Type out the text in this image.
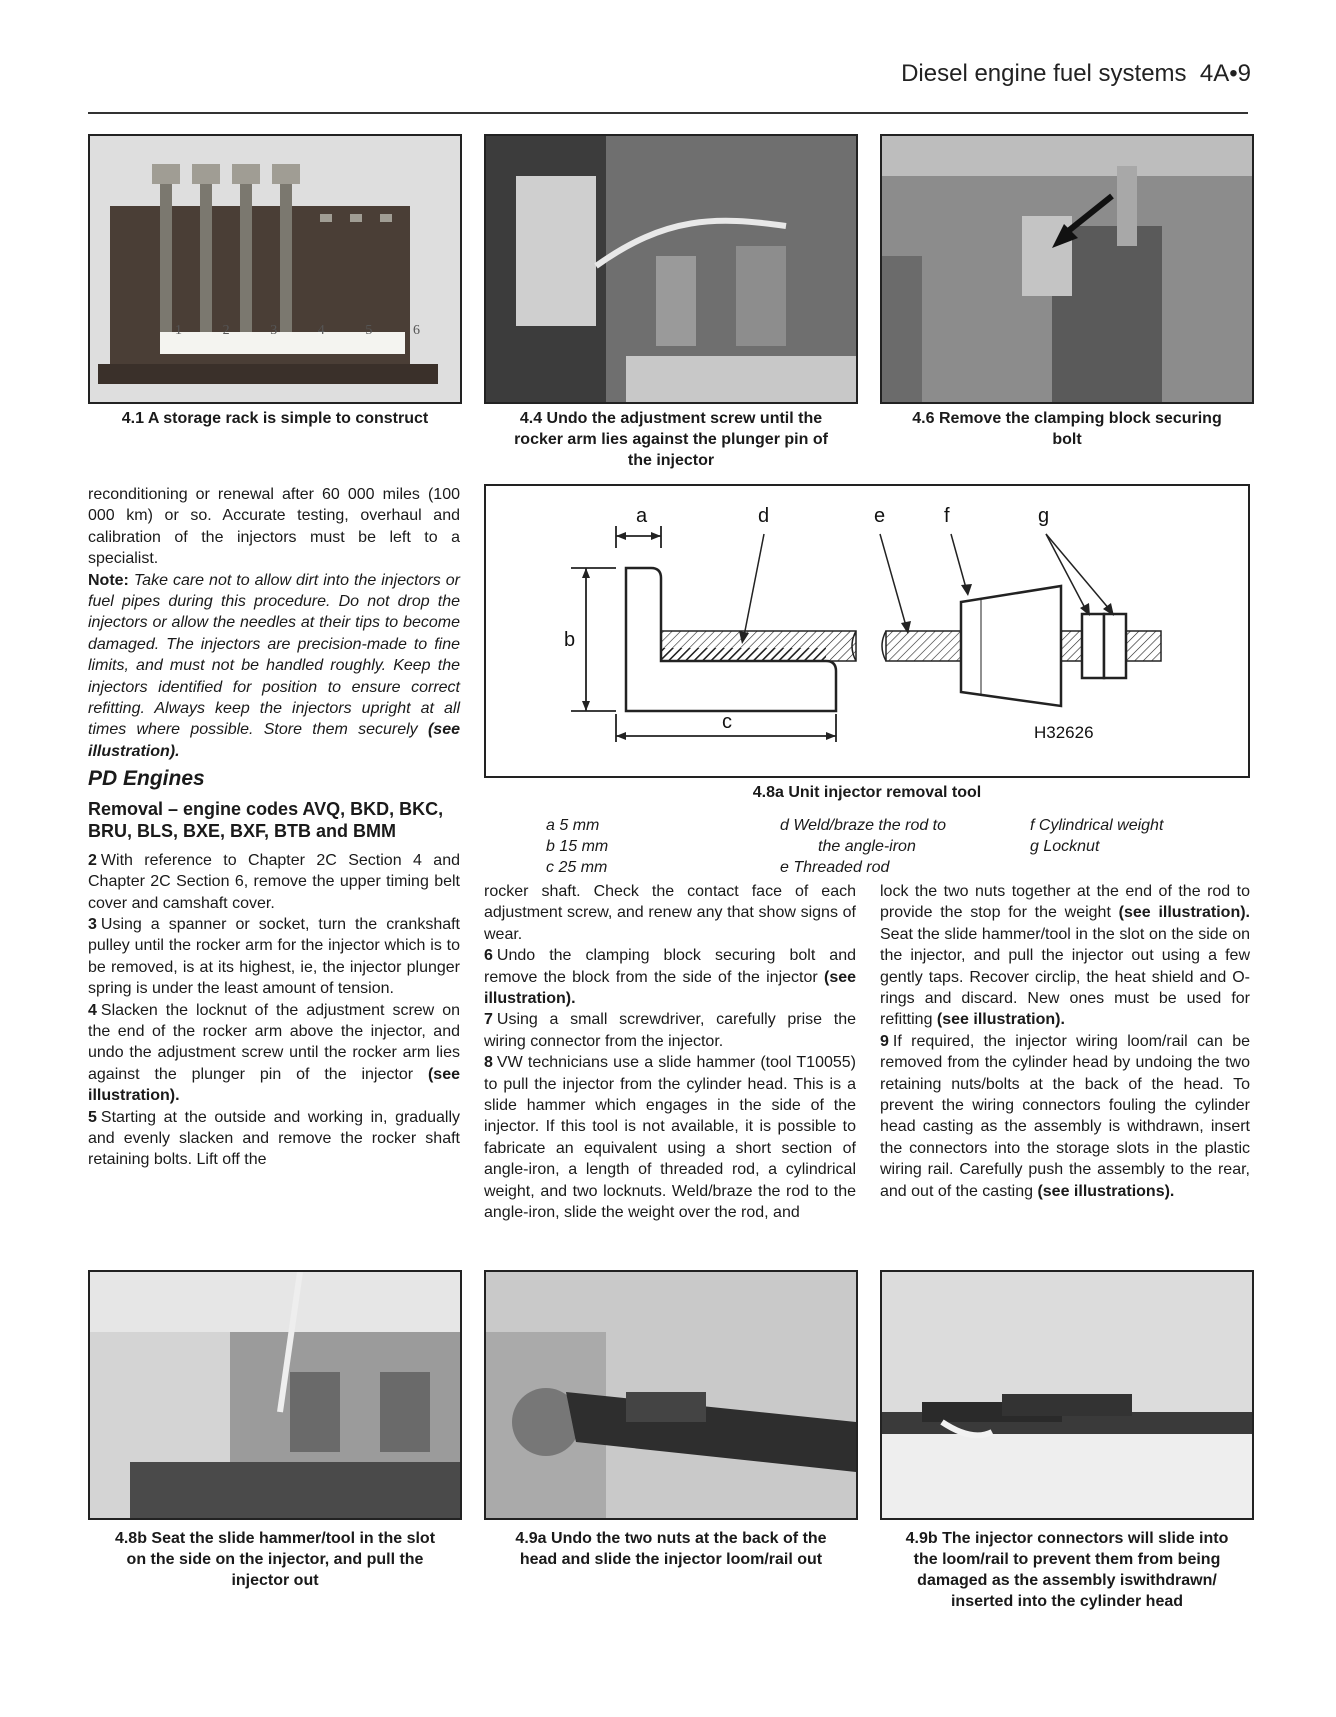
Diesel engine fuel systems 4A•9
1	2	3	4	5	6
4.1 A storage rack is simple to construct	4.4 Undo the adjustment screw until the
rocker arm lies against the plunger pin of
the injector
4.6 Remove the clamping block securing
bolt

reconditioning or renewal after 60 000 miles (100 000 km) or so. Accurate testing, overhaul and calibration of the injectors must be left to a specialist.

Note: Take care not to allow dirt into the injectors or fuel pipes during this procedure. Do not drop the injectors or allow the needles at their tips to become damaged. The injectors are precision-made to fine limits, and must not be handled roughly. Keep the injectors identified for position to ensure correct refitting. Always keep the injectors upright at all times where possible. Store them securely (see illustration).

PD Engines
Removal – engine codes AVQ, BKD, BKC, BRU, BLS, BXE, BXF, BTB and BMM

2 With reference to Chapter 2C Section 4 and Chapter 2C Section 6, remove the upper timing belt cover and camshaft cover.

3 Using a spanner or socket, turn the crankshaft pulley until the rocker arm for the injector which is to be removed, is at its highest, ie, the injector plunger spring is under the least amount of tension.

4 Slacken the locknut of the adjustment screw on the end of the rocker arm above the injector, and undo the adjustment screw until the rocker arm lies against the plunger pin of the injector (see illustration).

5 Starting at the outside and working in, gradually and evenly slacken and remove the rocker shaft retaining bolts. Lift off the

a	d	e	f	g
b
c	H32626
4.8a Unit injector removal tool
a 5 mm
b 15 mm
c 25 mm
d Weld/braze the rod to
the angle-iron
e Threaded rod
f Cylindrical weight
g Locknut

rocker shaft. Check the contact face of each adjustment screw, and renew any that show signs of wear.

6 Undo the clamping block securing bolt and remove the block from the side of the injector (see illustration).

7 Using a small screwdriver, carefully prise the wiring connector from the injector.

8 VW technicians use a slide hammer (tool T10055) to pull the injector from the cylinder head. This is a slide hammer which engages in the side of the injector. If this tool is not available, it is possible to fabricate an equivalent using a short section of angle-iron, a length of threaded rod, a cylindrical weight, and two locknuts. Weld/braze the rod to the angle-iron, slide the weight over the rod, and

lock the two nuts together at the end of the rod to provide the stop for the weight (see illustration). Seat the slide hammer/tool in the slot on the side on the injector, and pull the injector out using a few gently taps. Recover circlip, the heat shield and O-rings and discard. New ones must be used for refitting (see illustration).

9 If required, the injector wiring loom/rail can be removed from the cylinder head by undoing the two retaining nuts/bolts at the back of the head. To prevent the wiring connectors fouling the cylinder head casting as the assembly is withdrawn, insert the connectors into the storage slots in the plastic wiring rail. Carefully push the assembly to the rear, and out of the casting (see illustrations).

4.8b Seat the slide hammer/tool in the slot
on the side on the injector, and pull the
injector out
4.9a Undo the two nuts at the back of the
head and slide the injector loom/rail out
4.9b The injector connectors will slide into
the loom/rail to prevent them from being
damaged as the assembly iswithdrawn/
inserted into the cylinder head
